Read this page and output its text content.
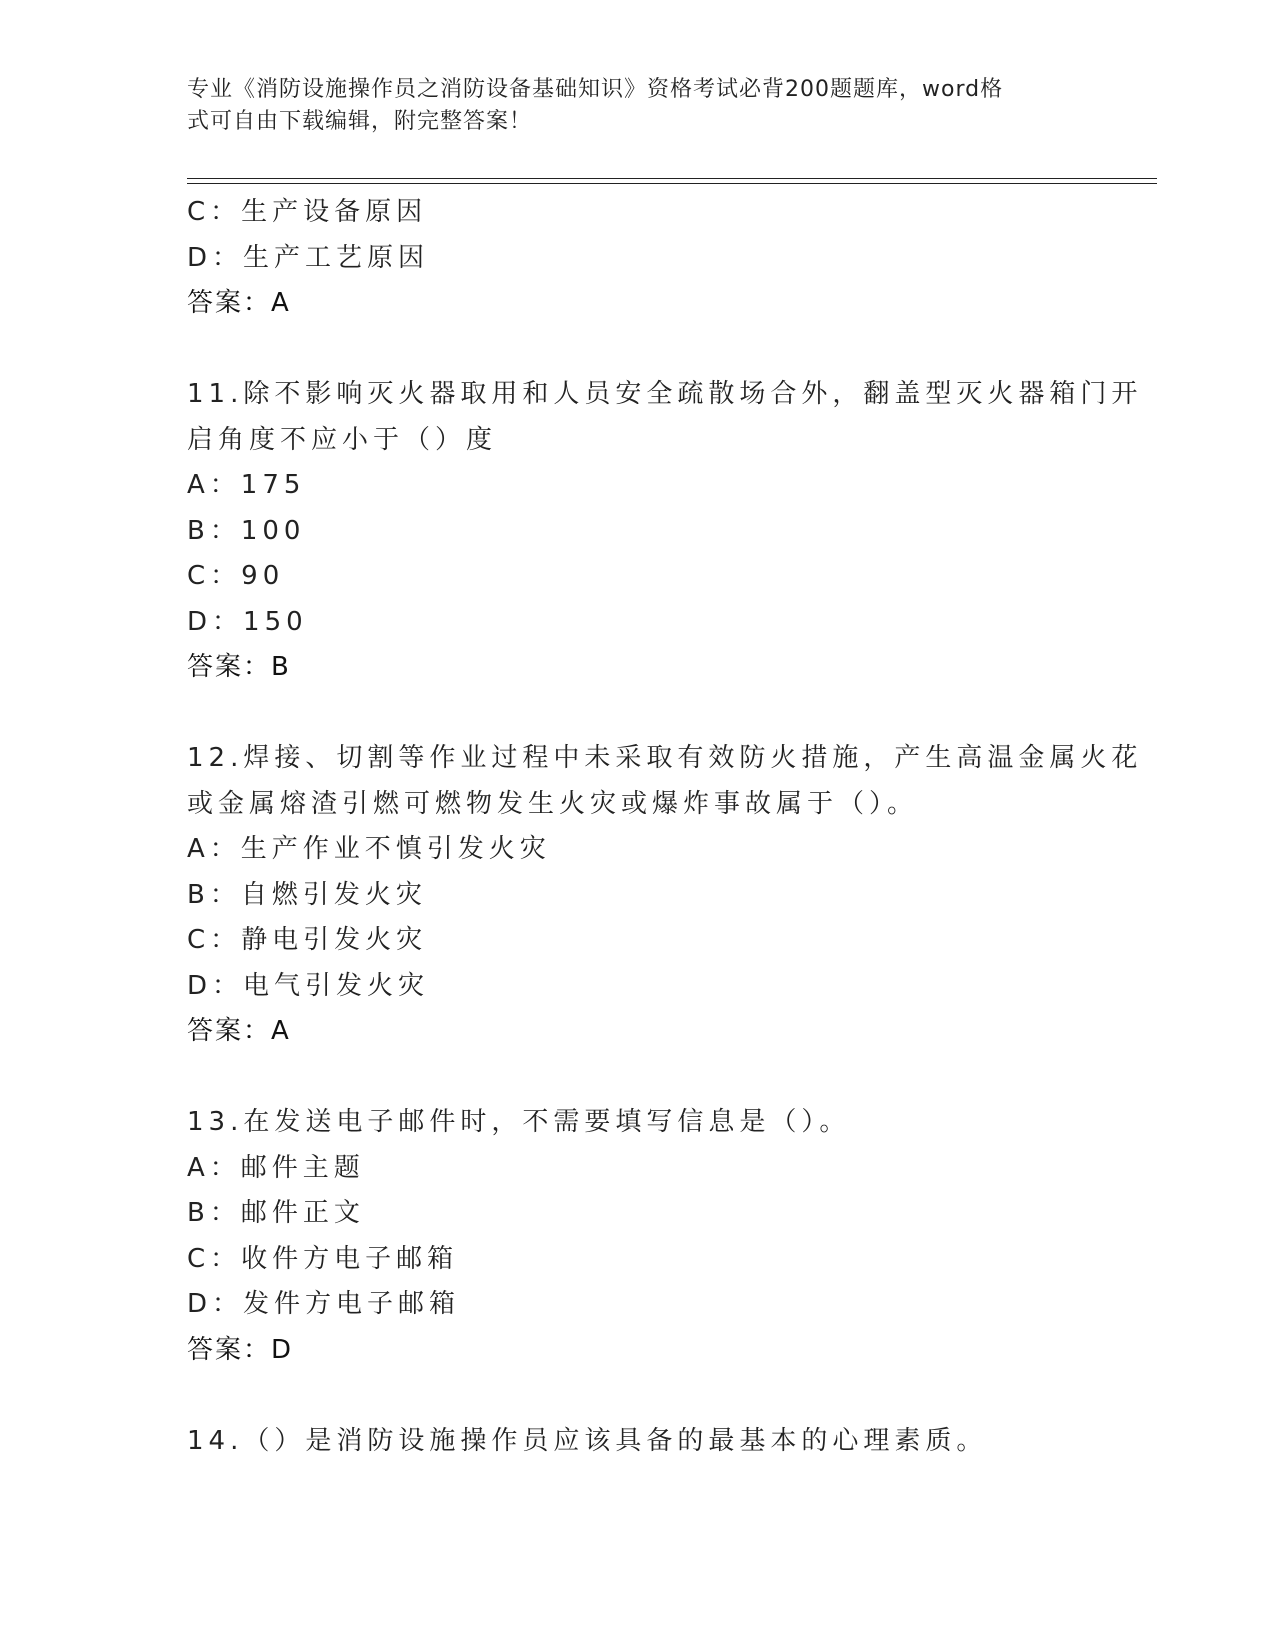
专业《消防设施操作员之消防设备基础知识》资格考试必背200题题库，word格
式可自由下载编辑，附完整答案！
C：生产设备原因
D：生产工艺原因
答案：A
11.除不影响灭火器取用和人员安全疏散场合外，翻盖型灭火器箱门开
启角度不应小于（）度
A：175
B：100
C：90
D：150
答案：B
12.焊接、切割等作业过程中未采取有效防火措施，产生高温金属火花
或金属熔渣引燃可燃物发生火灾或爆炸事故属于（）。
A：生产作业不慎引发火灾
B：自燃引发火灾
C：静电引发火灾
D：电气引发火灾
答案：A
13.在发送电子邮件时，不需要填写信息是（）。
A：邮件主题
B：邮件正文
C：收件方电子邮箱
D：发件方电子邮箱
答案：D
14.（）是消防设施操作员应该具备的最基本的心理素质。
